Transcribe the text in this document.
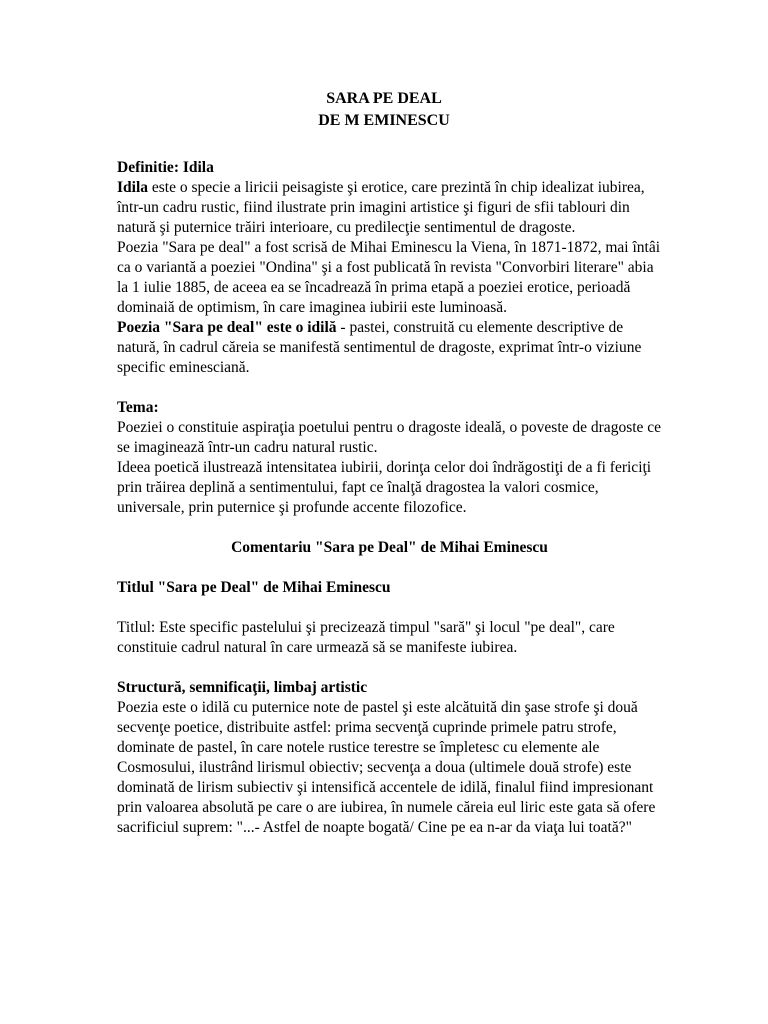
SARA PE DEAL
DE M EMINESCU

Definitie: Idila

Idila este o specie a liricii peisagiste şi erotice, care prezintă în chip idealizat iubirea, într-un cadru rustic, fiind ilustrate prin imagini artistice şi figuri de sfii tablouri din natură şi puternice trăiri interioare, cu predilecţie sentimentul de dragoste.

Poezia "Sara pe deal" a fost scrisă de Mihai Eminescu la Viena, în 1871-1872, mai întâi ca o variantă a poeziei "Ondina" şi a fost publicată în revista "Convorbiri literare" abia la 1 iulie 1885, de aceea ea se încadrează în prima etapă a poeziei erotice, perioadă dominaiă de optimism, în care imaginea iubirii este luminoasă.

Poezia "Sara pe deal" este o idilă - pastei, construită cu elemente descriptive de natură, în cadrul căreia se manifestă sentimentul de dragoste, exprimat într-o viziune specific eminesciană.

Tema:

Poeziei o constituie aspiraţia poetului pentru o dragoste ideală, o poveste de dragoste ce se imaginează într-un cadru natural rustic.

Ideea poetică ilustrează intensitatea iubirii, dorinţa celor doi îndrăgostiţi de a fi fericiţi prin trăirea deplină a sentimentului, fapt ce înalţă dragostea la valori cosmice, universale, prin puternice şi profunde accente filozofice.

Comentariu "Sara pe Deal" de Mihai Eminescu

Titlul "Sara pe Deal" de Mihai Eminescu

Titlul: Este specific pastelului şi precizează timpul "sară" şi locul "pe deal", care constituie cadrul natural în care urmează să se manifeste iubirea.

Structură, semnificaţii, limbaj artistic

Poezia este o idilă cu puternice note de pastel şi este alcătuită din şase strofe şi două secvenţe poetice, distribuite astfel: prima secvenţă cuprinde primele patru strofe, dominate de pastel, în care notele rustice terestre se împletesc cu elemente ale Cosmosului, ilustrând lirismul obiectiv; secvenţa a doua (ultimele două strofe) este dominată de lirism subiectiv şi intensifică accentele de idilă, finalul fiind impresionant prin valoarea absolută pe care o are iubirea, în numele căreia eul liric este gata să ofere sacrificiul suprem: "...- Astfel de noapte bogată/ Cine pe ea n-ar da viaţa lui toată?"
